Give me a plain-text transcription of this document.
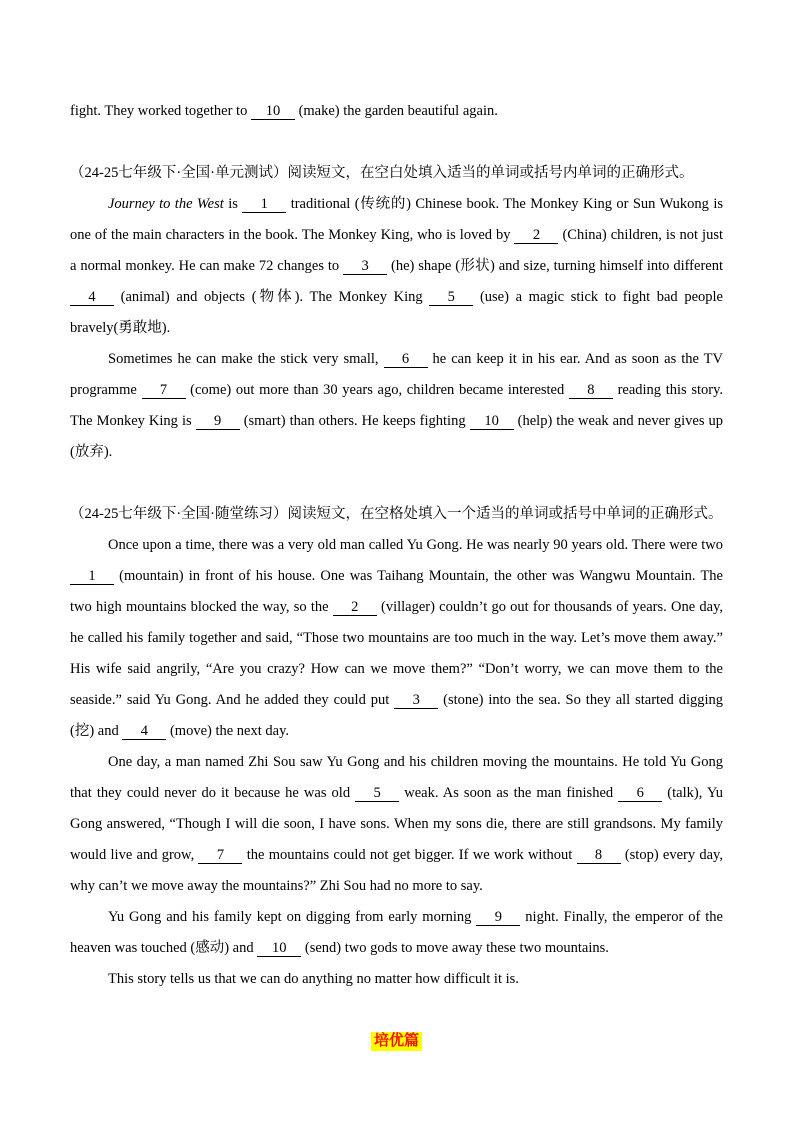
fight. They worked together to 10 (make) the garden beautiful again.

（24-25七年级下·全国·单元测试）阅读短文，在空白处填入适当的单词或括号内单词的正确形式。

Journey to the West is 1 traditional (传统的) Chinese book. The Monkey King or Sun Wukong is one of the main characters in the book. The Monkey King, who is loved by 2 (China) children, is not just a normal monkey. He can make 72 changes to 3 (he) shape (形状) and size, turning himself into different 4 (animal) and objects (物体). The Monkey King 5 (use) a magic stick to fight bad people bravely(勇敢地).

Sometimes he can make the stick very small, 6 he can keep it in his ear. And as soon as the TV programme 7 (come) out more than 30 years ago, children became interested 8 reading this story. The Monkey King is 9 (smart) than others. He keeps fighting 10 (help) the weak and never gives up (放弃).

（24-25七年级下·全国·随堂练习）阅读短文，在空格处填入一个适当的单词或括号中单词的正确形式。

Once upon a time, there was a very old man called Yu Gong. He was nearly 90 years old. There were two 1 (mountain) in front of his house. One was Taihang Mountain, the other was Wangwu Mountain. The two high mountains blocked the way, so the 2 (villager) couldn’t go out for thousands of years. One day, he called his family together and said, “Those two mountains are too much in the way. Let’s move them away.” His wife said angrily, “Are you crazy? How can we move them?” “Don’t worry, we can move them to the seaside.” said Yu Gong. And he added they could put 3 (stone) into the sea. So they all started digging (挖) and 4 (move) the next day.

One day, a man named Zhi Sou saw Yu Gong and his children moving the mountains. He told Yu Gong that they could never do it because he was old 5 weak. As soon as the man finished 6 (talk), Yu Gong answered, “Though I will die soon, I have sons. When my sons die, there are still grandsons. My family would live and grow, 7 the mountains could not get bigger. If we work without 8 (stop) every day, why can’t we move away the mountains?” Zhi Sou had no more to say.

Yu Gong and his family kept on digging from early morning 9 night. Finally, the emperor of the heaven was touched (感动) and 10 (send) two gods to move away these two mountains.

This story tells us that we can do anything no matter how difficult it is.

培优篇
